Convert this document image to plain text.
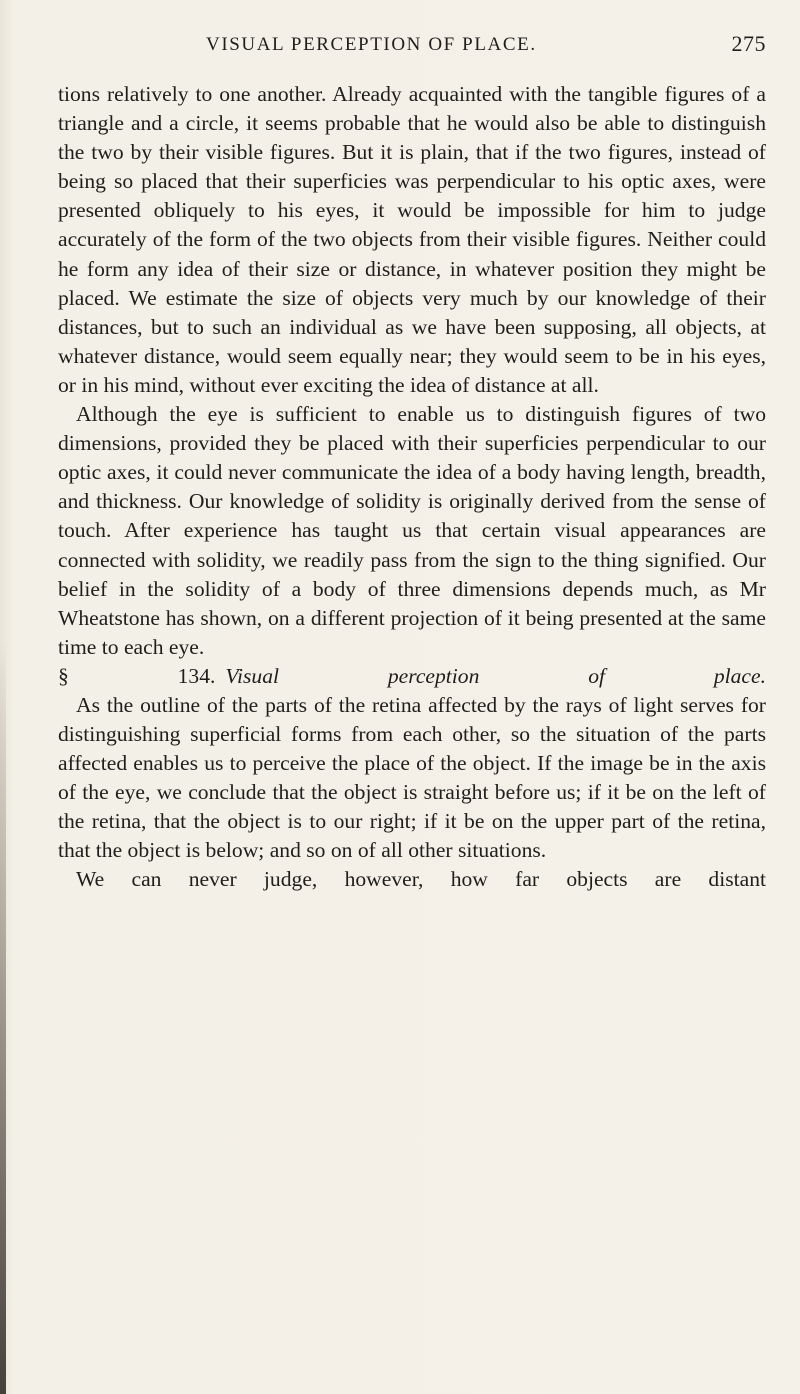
VISUAL PERCEPTION OF PLACE.	275

tions relatively to one another. Already acquainted with the tangible figures of a triangle and a circle, it seems probable that he would also be able to distinguish the two by their visible figures. But it is plain, that if the two figures, instead of being so placed that their superficies was perpendicular to his optic axes, were presented obliquely to his eyes, it would be impossible for him to judge accurately of the form of the two objects from their visible figures. Neither could he form any idea of their size or distance, in whatever position they might be placed. We estimate the size of objects very much by our knowledge of their distances, but to such an individual as we have been supposing, all objects, at whatever distance, would seem equally near; they would seem to be in his eyes, or in his mind, without ever exciting the idea of distance at all.

Although the eye is sufficient to enable us to distinguish figures of two dimensions, provided they be placed with their superficies perpendicular to our optic axes, it could never communicate the idea of a body having length, breadth, and thickness. Our knowledge of solidity is originally derived from the sense of touch. After experience has taught us that certain visual appearances are connected with solidity, we readily pass from the sign to the thing signified. Our belief in the solidity of a body of three dimensions depends much, as Mr Wheatstone has shown, on a different projection of it being presented at the same time to each eye.

§ 134. Visual perception of place.

As the outline of the parts of the retina affected by the rays of light serves for distinguishing superficial forms from each other, so the situation of the parts affected enables us to perceive the place of the object. If the image be in the axis of the eye, we conclude that the object is straight before us; if it be on the left of the retina, that the object is to our right; if it be on the upper part of the retina, that the object is below; and so on of all other situations.

We can never judge, however, how far objects are distant
